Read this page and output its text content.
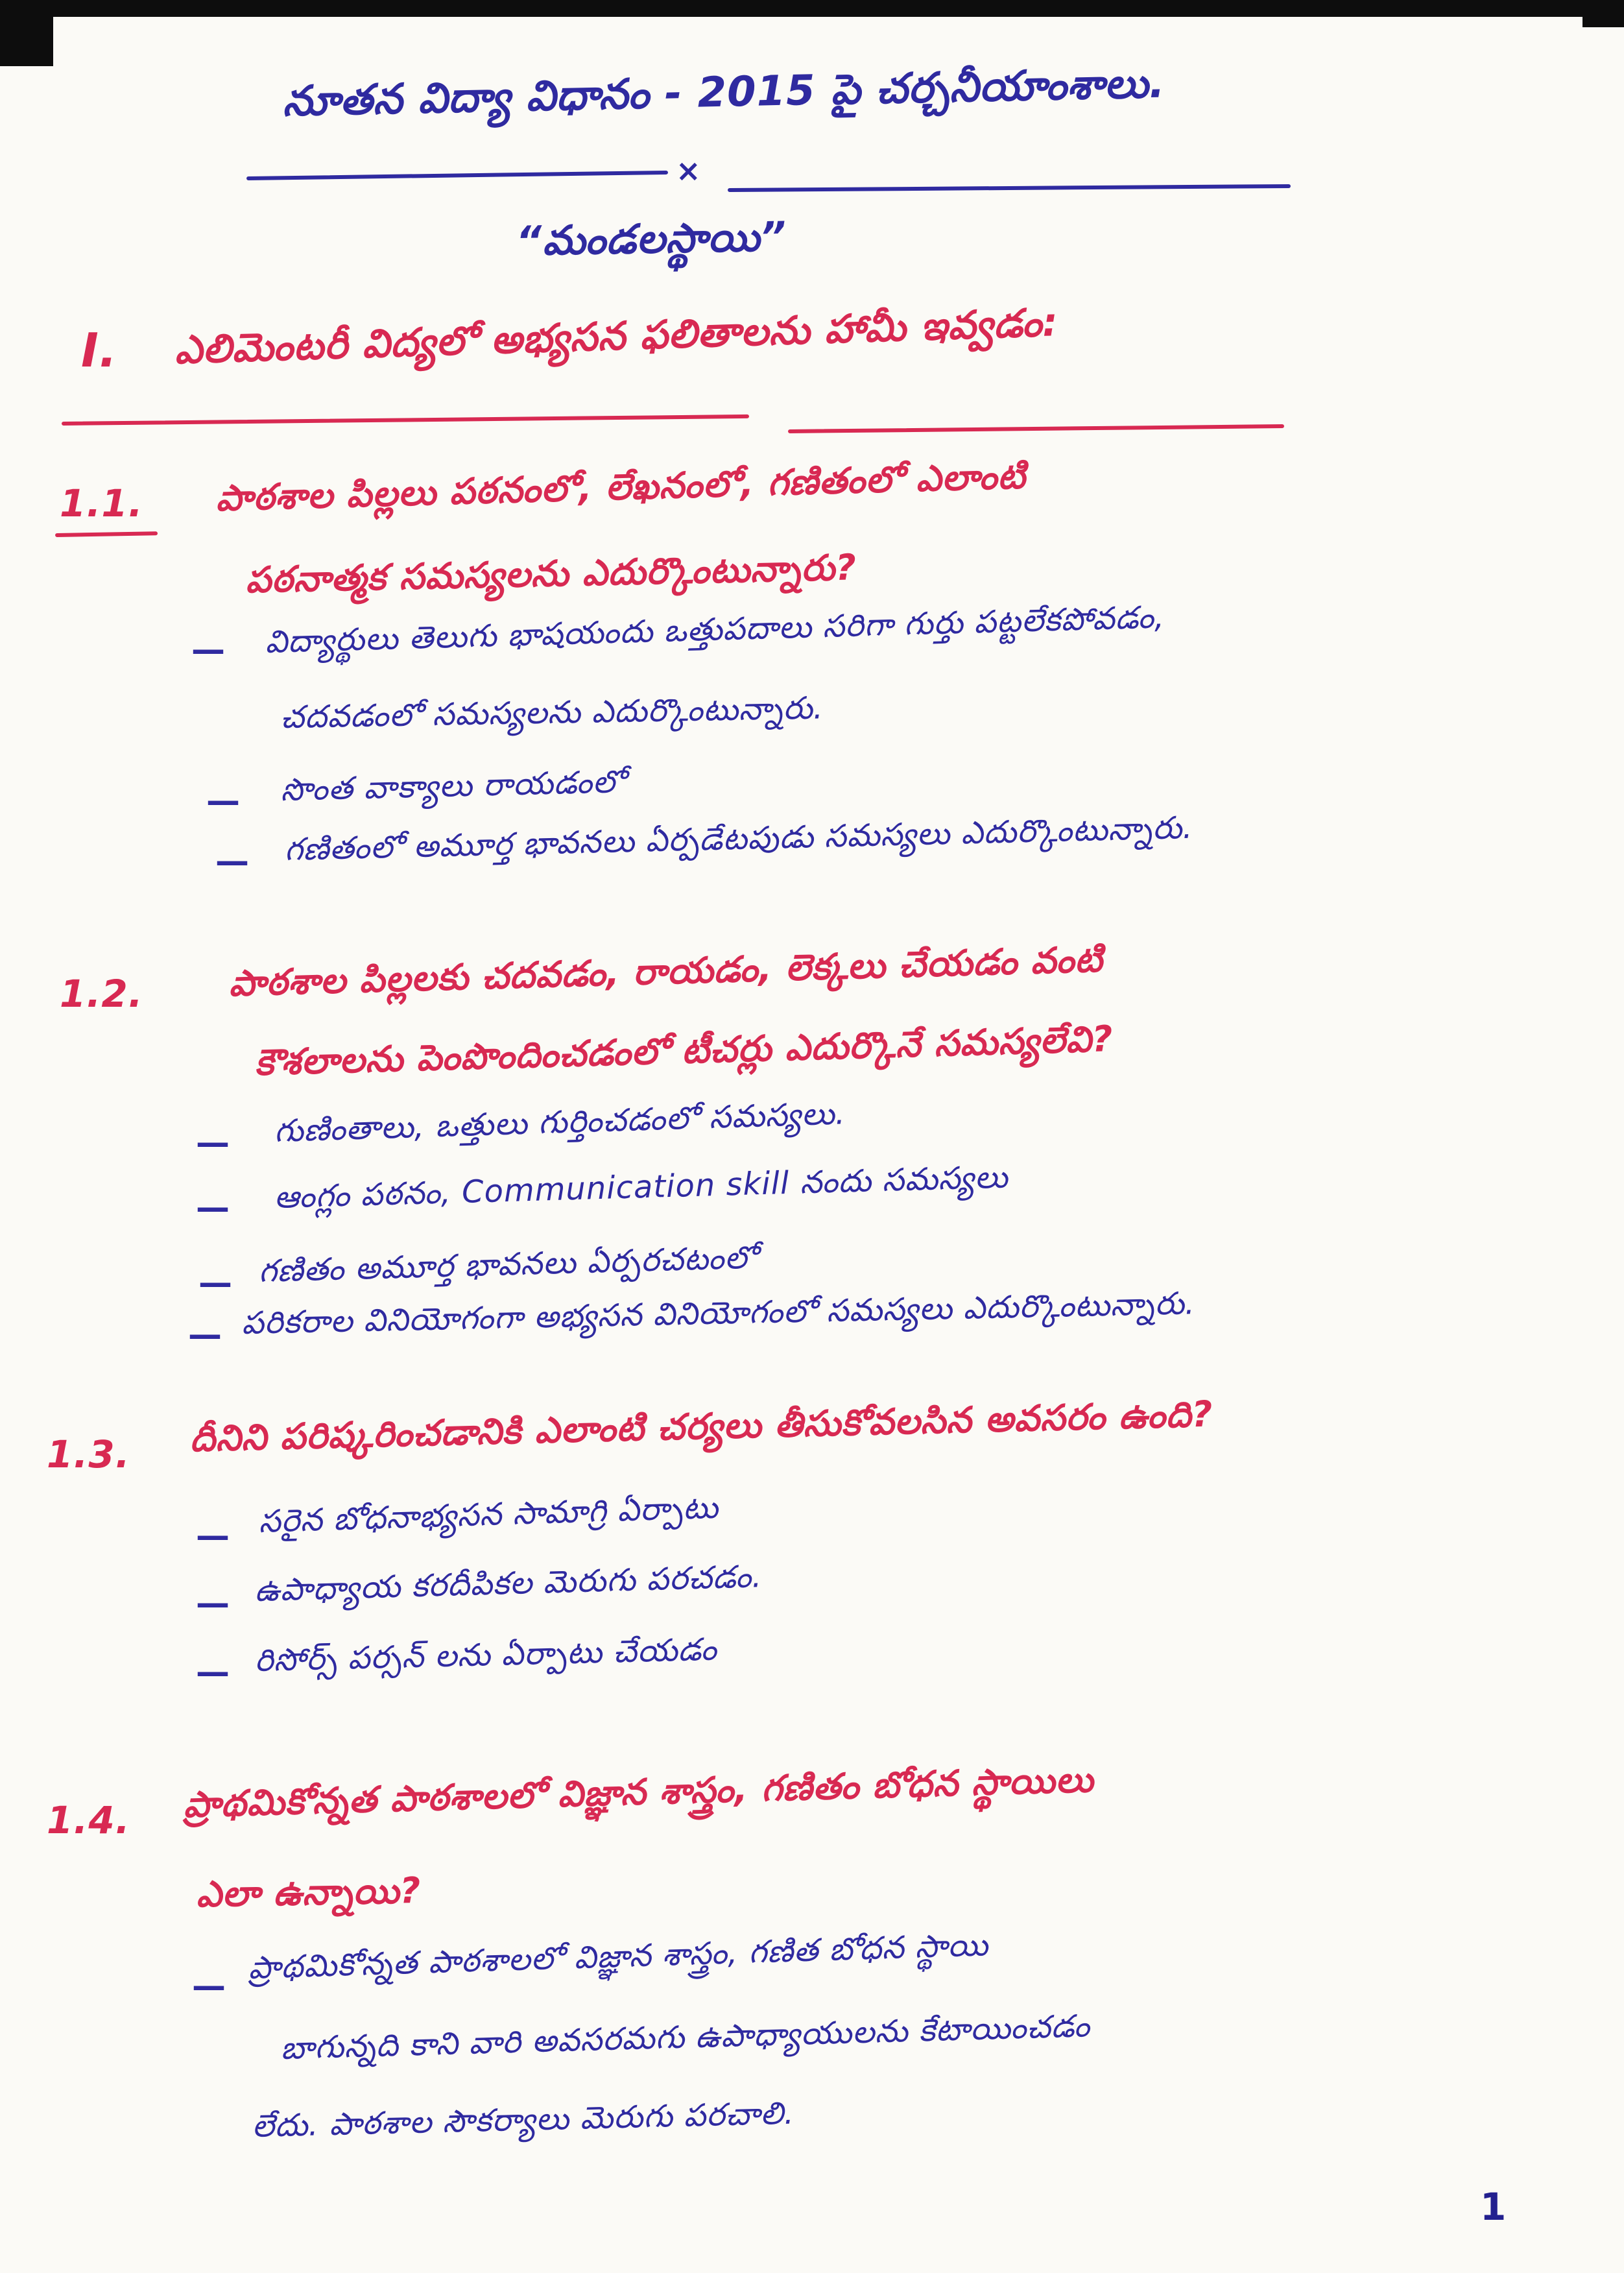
నూతన విద్యా విధానం - 2015 పై చర్చనీయాంశాలు.
×
“మండలస్థాయి”
I. ఎలిమెంటరీ విద్యలో అభ్యసన ఫలితాలను హామీ ఇవ్వడం:
1.1. పాఠశాల పిల్లలు పఠనంలో, లేఖనంలో, గణితంలో ఎలాంటి
పఠనాత్మక సమస్యలను ఎదుర్కొంటున్నారు?
— విద్యార్థులు తెలుగు భాషయందు ఒత్తుపదాలు సరిగా గుర్తు పట్టలేకపోవడం,
చదవడంలో సమస్యలను ఎదుర్కొంటున్నారు.
— సొంత వాక్యాలు రాయడంలో
— గణితంలో అమూర్త భావనలు ఏర్పడేటపుడు సమస్యలు ఎదుర్కొంటున్నారు.
1.2. పాఠశాల పిల్లలకు చదవడం, రాయడం, లెక్కలు చేయడం వంటి
కౌశలాలను పెంపొందించడంలో టీచర్లు ఎదుర్కొనే సమస్యలేవి?
— గుణింతాలు, ఒత్తులు గుర్తించడంలో సమస్యలు.
— ఆంగ్లం పఠనం, Communication skill నందు సమస్యలు
— గణితం అమూర్త భావనలు ఏర్పరచటంలో
— పరికరాల వినియోగంగా అభ్యసన వినియోగంలో సమస్యలు ఎదుర్కొంటున్నారు.
1.3. దీనిని పరిష్కరించడానికి ఎలాంటి చర్యలు తీసుకోవలసిన అవసరం ఉంది?
— సరైన బోధనాభ్యసన సామాగ్రి ఏర్పాటు
— ఉపాధ్యాయ కరదీపికల మెరుగు పరచడం.
— రిసోర్స్ పర్సన్ లను ఏర్పాటు చేయడం
1.4. ప్రాథమికోన్నత పాఠశాలలో విజ్ఞాన శాస్త్రం, గణితం బోధన స్థాయిలు
ఎలా ఉన్నాయి?
—
ప్రాథమికోన్నత పాఠశాలలో విజ్ఞాన శాస్త్రం, గణిత బోధన స్థాయి
బాగున్నది కాని వారి అవసరమగు ఉపాధ్యాయులను కేటాయించడం
లేదు. పాఠశాల సౌకర్యాలు మెరుగు పరచాలి.
1
